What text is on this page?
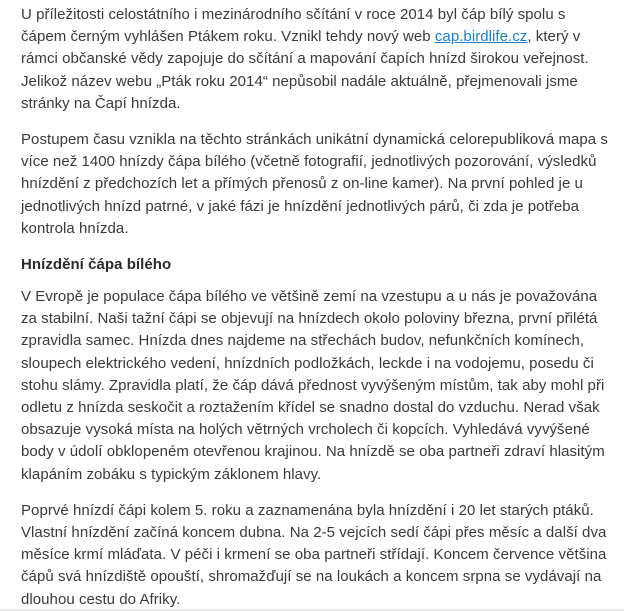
U příležitosti celostátního i mezinárodního sčítání v roce 2014 byl čáp bílý spolu s čápem černým vyhlášen Ptákem roku. Vznikl tehdy nový web cap.birdlife.cz, který v rámci občanské vědy zapojuje do sčítání a mapování čapích hnízd širokou veřejnost. Jelikož název webu „Pták roku 2014“ nepůsobil nadále aktuálně, přejmenovali jsme stránky na Čapí hnízda.

Postupem času vznikla na těchto stránkách unikátní dynamická celorepubliková mapa s více než 1400 hnízdy čápa bílého (včetně fotografií, jednotlivých pozorování, výsledků hnízdění z předchozích let a přímých přenosů z on-line kamer). Na první pohled je u jednotlivých hnízd patrné, v jaké fázi je hnízdění jednotlivých párů, či zda je potřeba kontrola hnízda.

Hnízdění čápa bílého

V Evropě je populace čápa bílého ve většině zemí na vzestupu a u nás je považována za stabilní. Naši tažní čápi se objevují na hnízdech okolo poloviny března, první přilétá zpravidla samec. Hnízda dnes najdeme na střechách budov, nefunkčních komínech, sloupech elektrického vedení, hnízdních podložkách, leckde i na vodojemu, posedu či stohu slámy. Zpravidla platí, že čáp dává přednost vyvýšeným místům, tak aby mohl při odletu z hnízda seskočit a roztažením křídel se snadno dostal do vzduchu. Nerad však obsazuje vysoká místa na holých větrných vrcholech či kopcích. Vyhledává vyvýšené body v údolí obklopeném otevřenou krajinou. Na hnízdě se oba partneři zdraví hlasitým klapáním zobáku s typickým záklonem hlavy.

Poprvé hnízdí čápi kolem 5. roku a zaznamenána byla hnízdění i 20 let starých ptáků. Vlastní hnízdění začíná koncem dubna. Na 2-5 vejcích sedí čápi přes měsíc a další dva měsíce krmí mláďata. V péči i krmení se oba partneři střídají. Koncem července většina čápů svá hnízdiště opouští, shromažďují se na loukách a koncem srpna se vydávají na dlouhou cestu do Afriky.
